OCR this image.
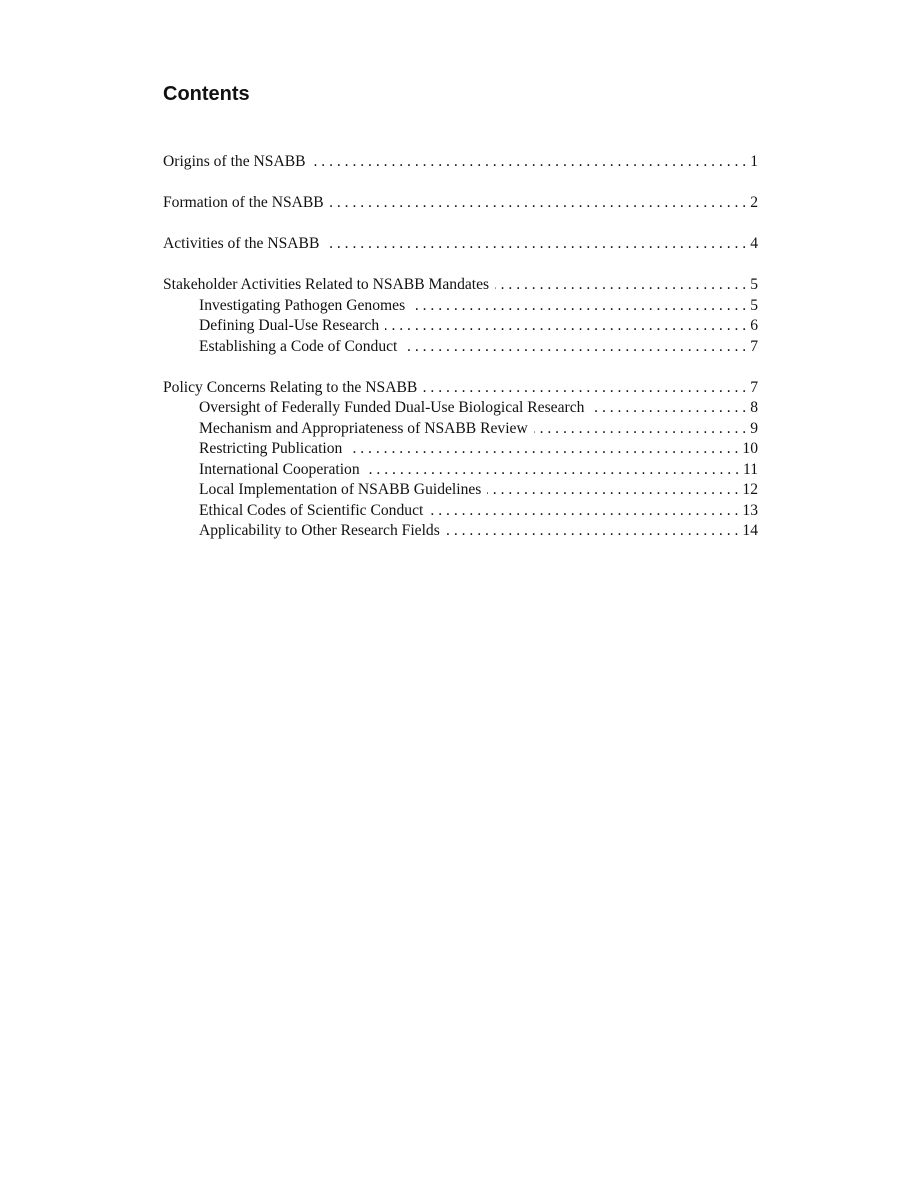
Contents
Origins of the NSABB . . .	1
Formation of the NSABB . . .	2
Activities of the NSABB . . .	4
Stakeholder Activities Related to NSABB Mandates . . .	5
Investigating Pathogen Genomes . . .	5
Defining Dual-Use Research . . .	6
Establishing a Code of Conduct . . .	7
Policy Concerns Relating to the NSABB . . .	7
Oversight of Federally Funded Dual-Use Biological Research . . .	8
Mechanism and Appropriateness of NSABB Review . . .	9
Restricting Publication . . .	10
International Cooperation . . .	11
Local Implementation of NSABB Guidelines . . .	12
Ethical Codes of Scientific Conduct . . .	13
Applicability to Other Research Fields . . .	14
